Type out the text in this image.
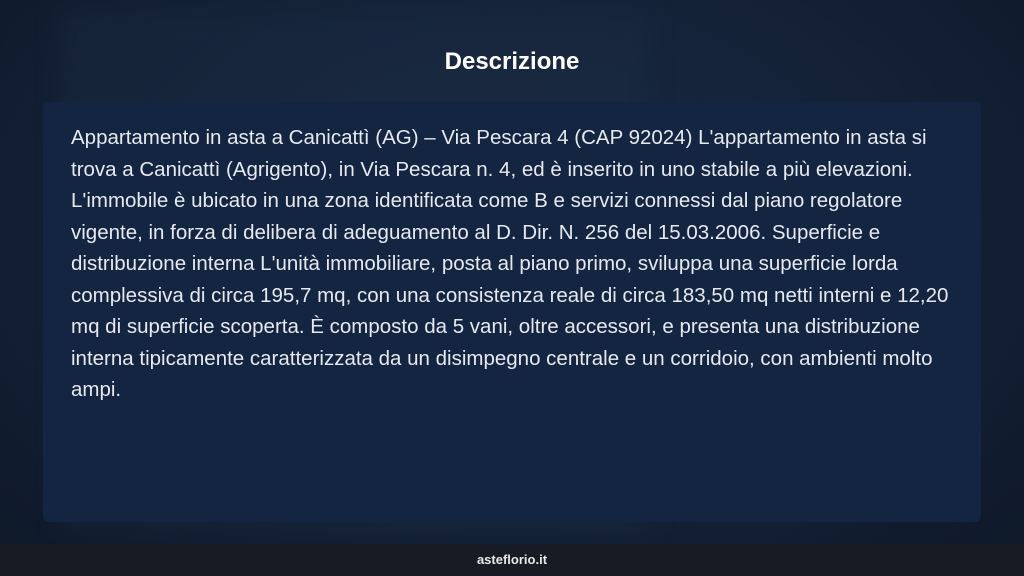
Descrizione

Appartamento in asta a Canicattì (AG) – Via Pescara 4 (CAP 92024) L'appartamento in asta si trova a Canicattì (Agrigento), in Via Pescara n. 4, ed è inserito in uno stabile a più elevazioni. L'immobile è ubicato in una zona identificata come B e servizi connessi dal piano regolatore vigente, in forza di delibera di adeguamento al D. Dir. N. 256 del 15.03.2006. Superficie e distribuzione interna L'unità immobiliare, posta al piano primo, sviluppa una superficie lorda complessiva di circa 195,7 mq, con una consistenza reale di circa 183,50 mq netti interni e 12,20 mq di superficie scoperta. È composto da 5 vani, oltre accessori, e presenta una distribuzione interna tipicamente caratterizzata da un disimpegno centrale e un corridoio, con ambienti molto ampi.

asteflorio.it
